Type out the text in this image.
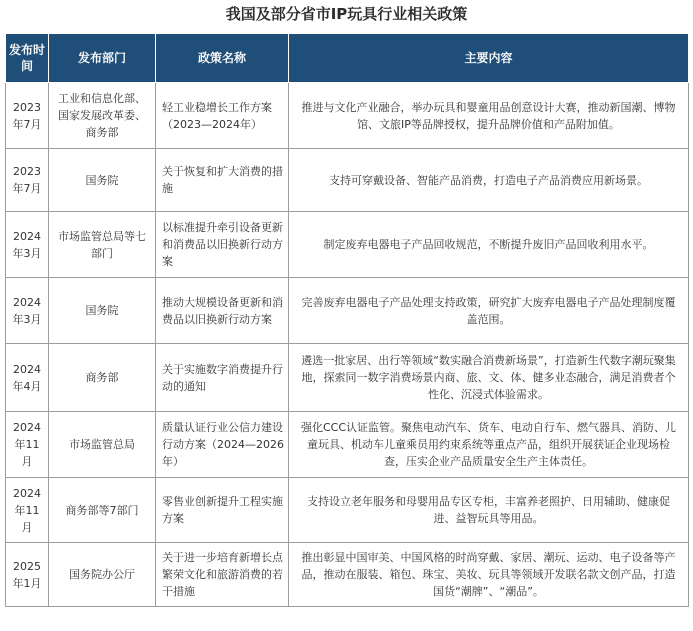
我国及部分省市IP玩具行业相关政策
发布时间	发布部门	政策名称	主要内容
2023年7月	工业和信息化部、国家发展改革委、商务部	轻工业稳增长工作方案（2023—2024年）	推进与文化产业融合，举办玩具和婴童用品创意设计大赛，推动新国潮、博物馆、文旅IP等品牌授权，提升品牌价值和产品附加值。
2023年7月	国务院	关于恢复和扩大消费的措施	支持可穿戴设备、智能产品消费，打造电子产品消费应用新场景。
2024年3月	市场监管总局等七部门	以标准提升牵引设备更新和消费品以旧换新行动方案	制定废弃电器电子产品回收规范，不断提升废旧产品回收利用水平。
2024年3月	国务院	推动大规模设备更新和消费品以旧换新行动方案	完善废弃电器电子产品处理支持政策，研究扩大废弃电器电子产品处理制度覆盖范围。
2024年4月	商务部	关于实施数字消费提升行动的通知	遴选一批家居、出行等领域“数实融合消费新场景”，打造新生代数字潮玩聚集地，探索同一数字消费场景内商、旅、文、体、健多业态融合，满足消费者个性化、沉浸式体验需求。
2024年11月	市场监管总局	质量认证行业公信力建设行动方案（2024—2026年）	强化CCC认证监管。聚焦电动汽车、货车、电动自行车、燃气器具、消防、儿童玩具、机动车儿童乘员用约束系统等重点产品，组织开展获证企业现场检查，压实企业产品质量安全生产主体责任。
2024年11月	商务部等7部门	零售业创新提升工程实施方案	支持设立老年服务和母婴用品专区专柜，丰富养老照护、日用辅助、健康促进、益智玩具等用品。
2025年1月	国务院办公厅	关于进一步培育新增长点繁荣文化和旅游消费的若干措施	推出彰显中国审美、中国风格的时尚穿戴、家居、潮玩、运动、电子设备等产品，推动在服装、箱包、珠宝、美妆、玩具等领域开发联名款文创产品，打造国货“潮牌”、“潮品”。
